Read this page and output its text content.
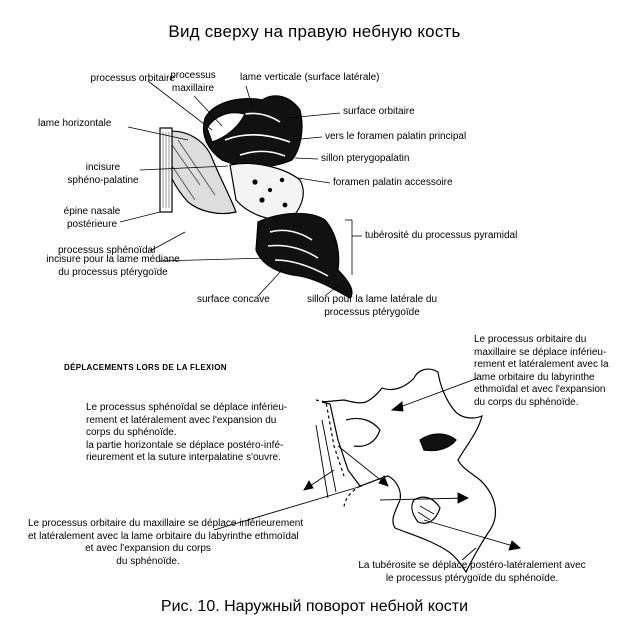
Вид сверху на правую небную кость
processus orbitaire
processus
maxillaire
lame verticale (surface latérale)
surface orbitaire
vers le foramen palatin principal
sillon pterygopalatin
foramen palatin accessoire
lame horizontale
incisure
sphéno-palatine
épine nasale
postérieure
processus sphénoïdal
tubérosité du processus pyramidal
incisure pour la lame médiane
du processus ptérygoïde
surface concave	sillon pour la lame latérale du
processus ptérygoïde
DÉPLACEMENTS LORS DE LA FLEXION
Le processus orbitaire du
maxillaire se déplace inférieu-
rement et latéralement avec la
lame orbitaire du labyrinthe
ethmoïdal et avec l'expansion
du corps du sphénoïde.
Le processus sphénoïdal se déplace inférieu-
rement et latéralement avec l'expansion du
corps du sphénoïde.
la partie horizontale se déplace postéro-infé-
rieurement et la suture interpalatine s'ouvre.
Le processus orbitaire du maxillaire se déplace inférieurement
et latéralement avec la lame orbitaire du labyrinthe ethmoïdal
et avec l'expansion du corps
du sphénoïde.	La tubérosite se déplace postéro-latéralement avec
le processus ptérygoïde du sphénoïde.
Рис. 10. Наружный поворот небной кости
